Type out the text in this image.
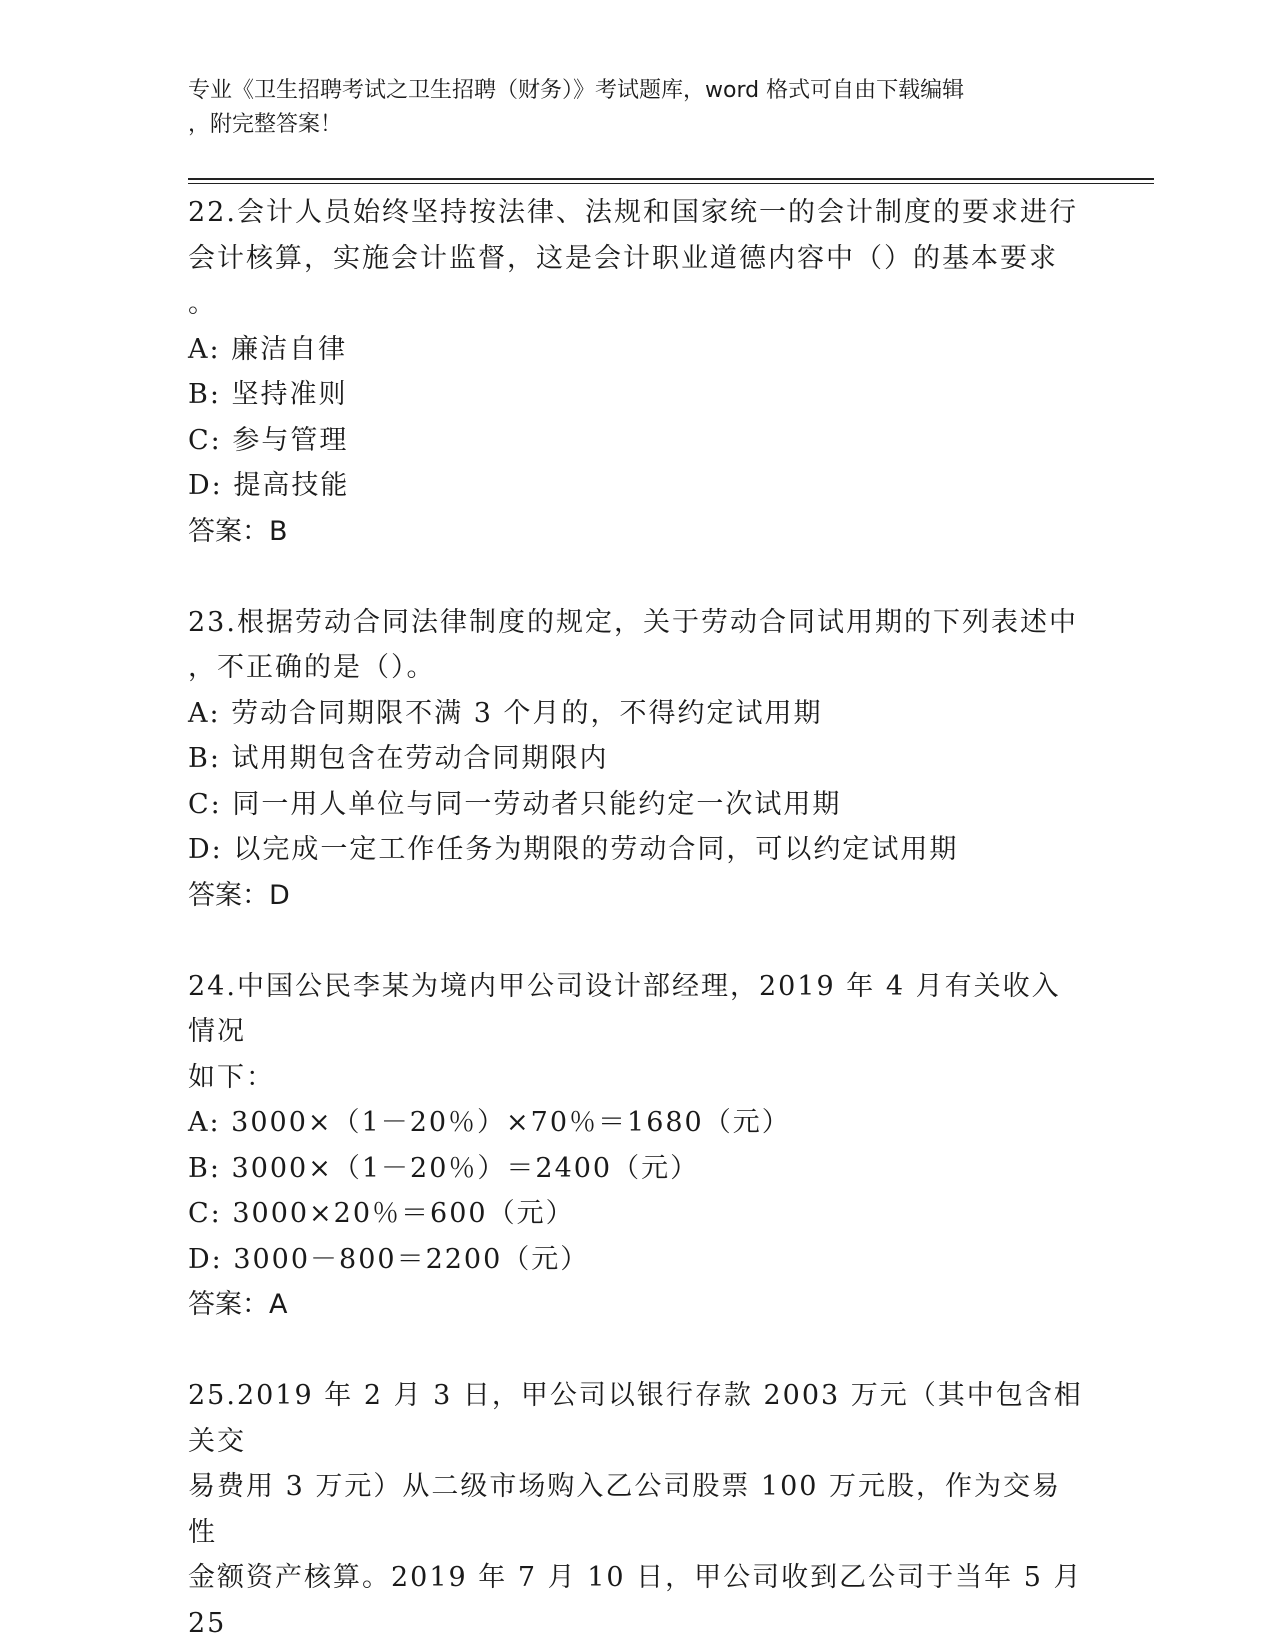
专业《卫生招聘考试之卫生招聘（财务）》考试题库，word 格式可自由下载编辑
，附完整答案！
22.会计人员始终坚持按法律、法规和国家统一的会计制度的要求进行
会计核算，实施会计监督，这是会计职业道德内容中（）的基本要求
。
A: 廉洁自律
B: 坚持准则
C: 参与管理
D: 提高技能
答案：B
23.根据劳动合同法律制度的规定，关于劳动合同试用期的下列表述中
，不正确的是（）。
A: 劳动合同期限不满 3 个月的，不得约定试用期
B: 试用期包含在劳动合同期限内
C: 同一用人单位与同一劳动者只能约定一次试用期
D: 以完成一定工作任务为期限的劳动合同，可以约定试用期
答案：D
24.中国公民李某为境内甲公司设计部经理，2019 年 4 月有关收入情况
如下：
A: 3000×（1－20％）×70％＝1680（元）
B: 3000×（1－20％）＝2400（元）
C: 3000×20％＝600（元）
D: 3000－800＝2200（元）
答案：A
25.2019 年 2 月 3 日，甲公司以银行存款 2003 万元（其中包含相关交
易费用 3 万元）从二级市场购入乙公司股票 100 万元股，作为交易性
金额资产核算。2019 年 7 月 10 日，甲公司收到乙公司于当年 5 月 25
